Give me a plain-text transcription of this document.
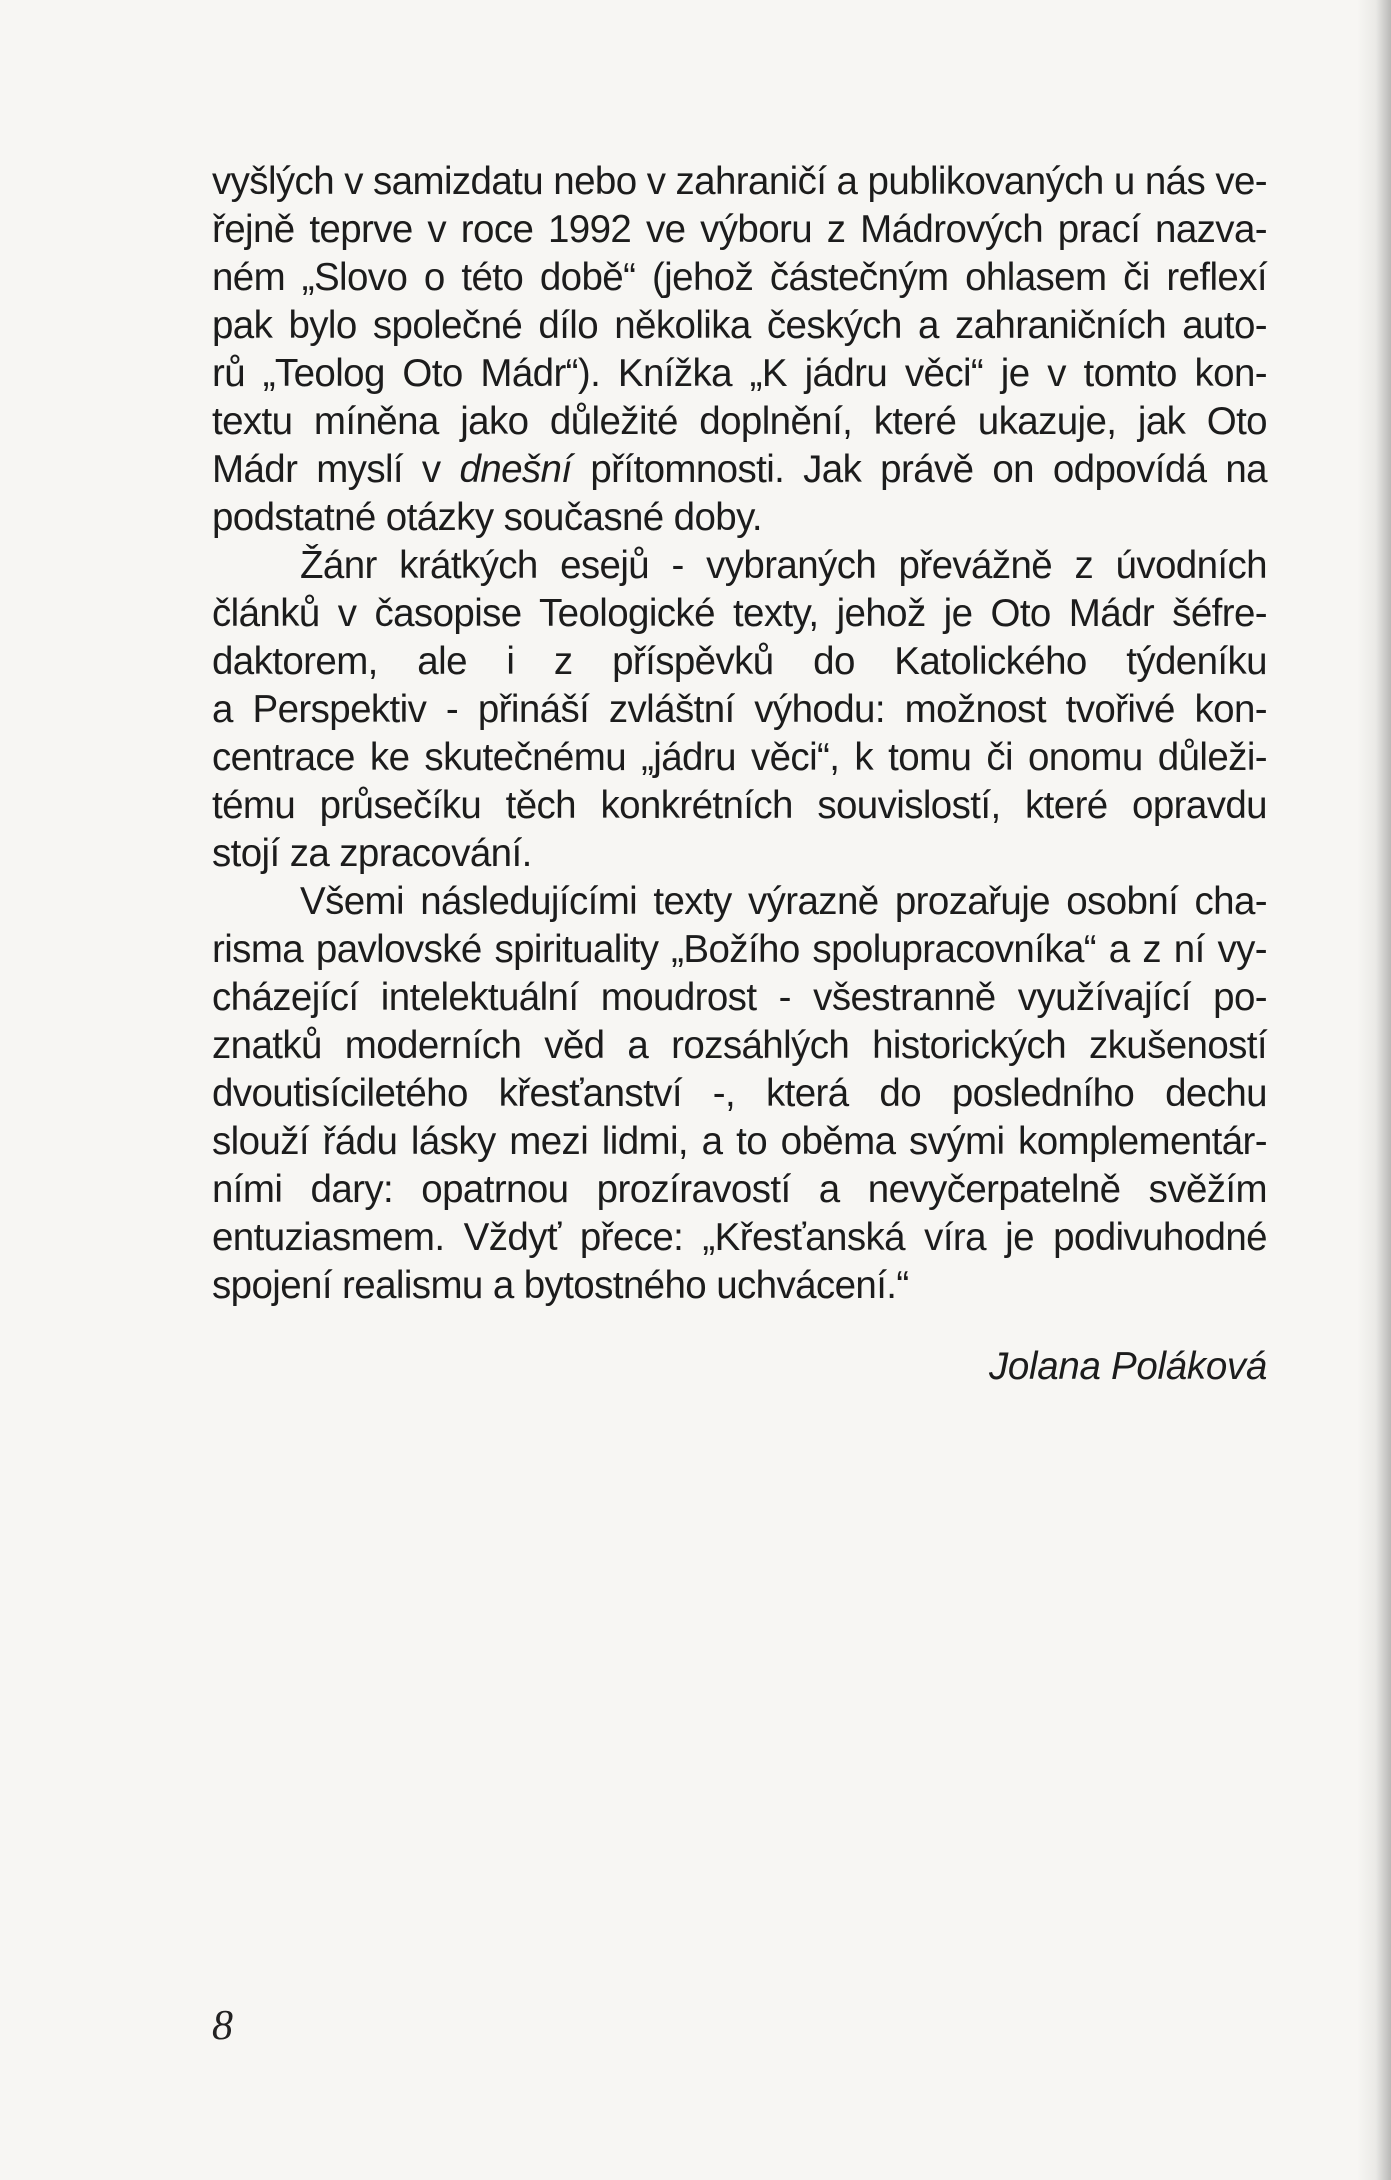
vyšlých v samizdatu nebo v zahraničí a publikovaných u nás ve-
řejně teprve v roce 1992 ve výboru z Mádrových prací nazva-
ném „Slovo o této době“ (jehož částečným ohlasem či reflexí
pak bylo společné dílo několika českých a zahraničních auto-
rů „Teolog Oto Mádr“). Knížka „K jádru věci“ je v tomto kon-
textu míněna jako důležité doplnění, které ukazuje, jak Oto
Mádr myslí v dnešní přítomnosti. Jak právě on odpovídá na
podstatné otázky současné doby.
Žánr krátkých esejů - vybraných převážně z úvodních
článků v časopise Teologické texty, jehož je Oto Mádr šéfre-
daktorem, ale i z příspěvků do Katolického týdeníku
a Perspektiv - přináší zvláštní výhodu: možnost tvořivé kon-
centrace ke skutečnému „jádru věci“, k tomu či onomu důleži-
tému průsečíku těch konkrétních souvislostí, které opravdu
stojí za zpracování.
Všemi následujícími texty výrazně prozařuje osobní cha-
risma pavlovské spirituality „Božího spolupracovníka“ a z ní vy-
cházející intelektuální moudrost - všestranně využívající po-
znatků moderních věd a rozsáhlých historických zkušeností
dvoutisíciletého křesťanství -, která do posledního dechu
slouží řádu lásky mezi lidmi, a to oběma svými komplementár-
ními dary: opatrnou prozíravostí a nevyčerpatelně svěžím
entuziasmem. Vždyť přece: „Křesťanská víra je podivuhodné
spojení realismu a bytostného uchvácení.“
Jolana Poláková
8
